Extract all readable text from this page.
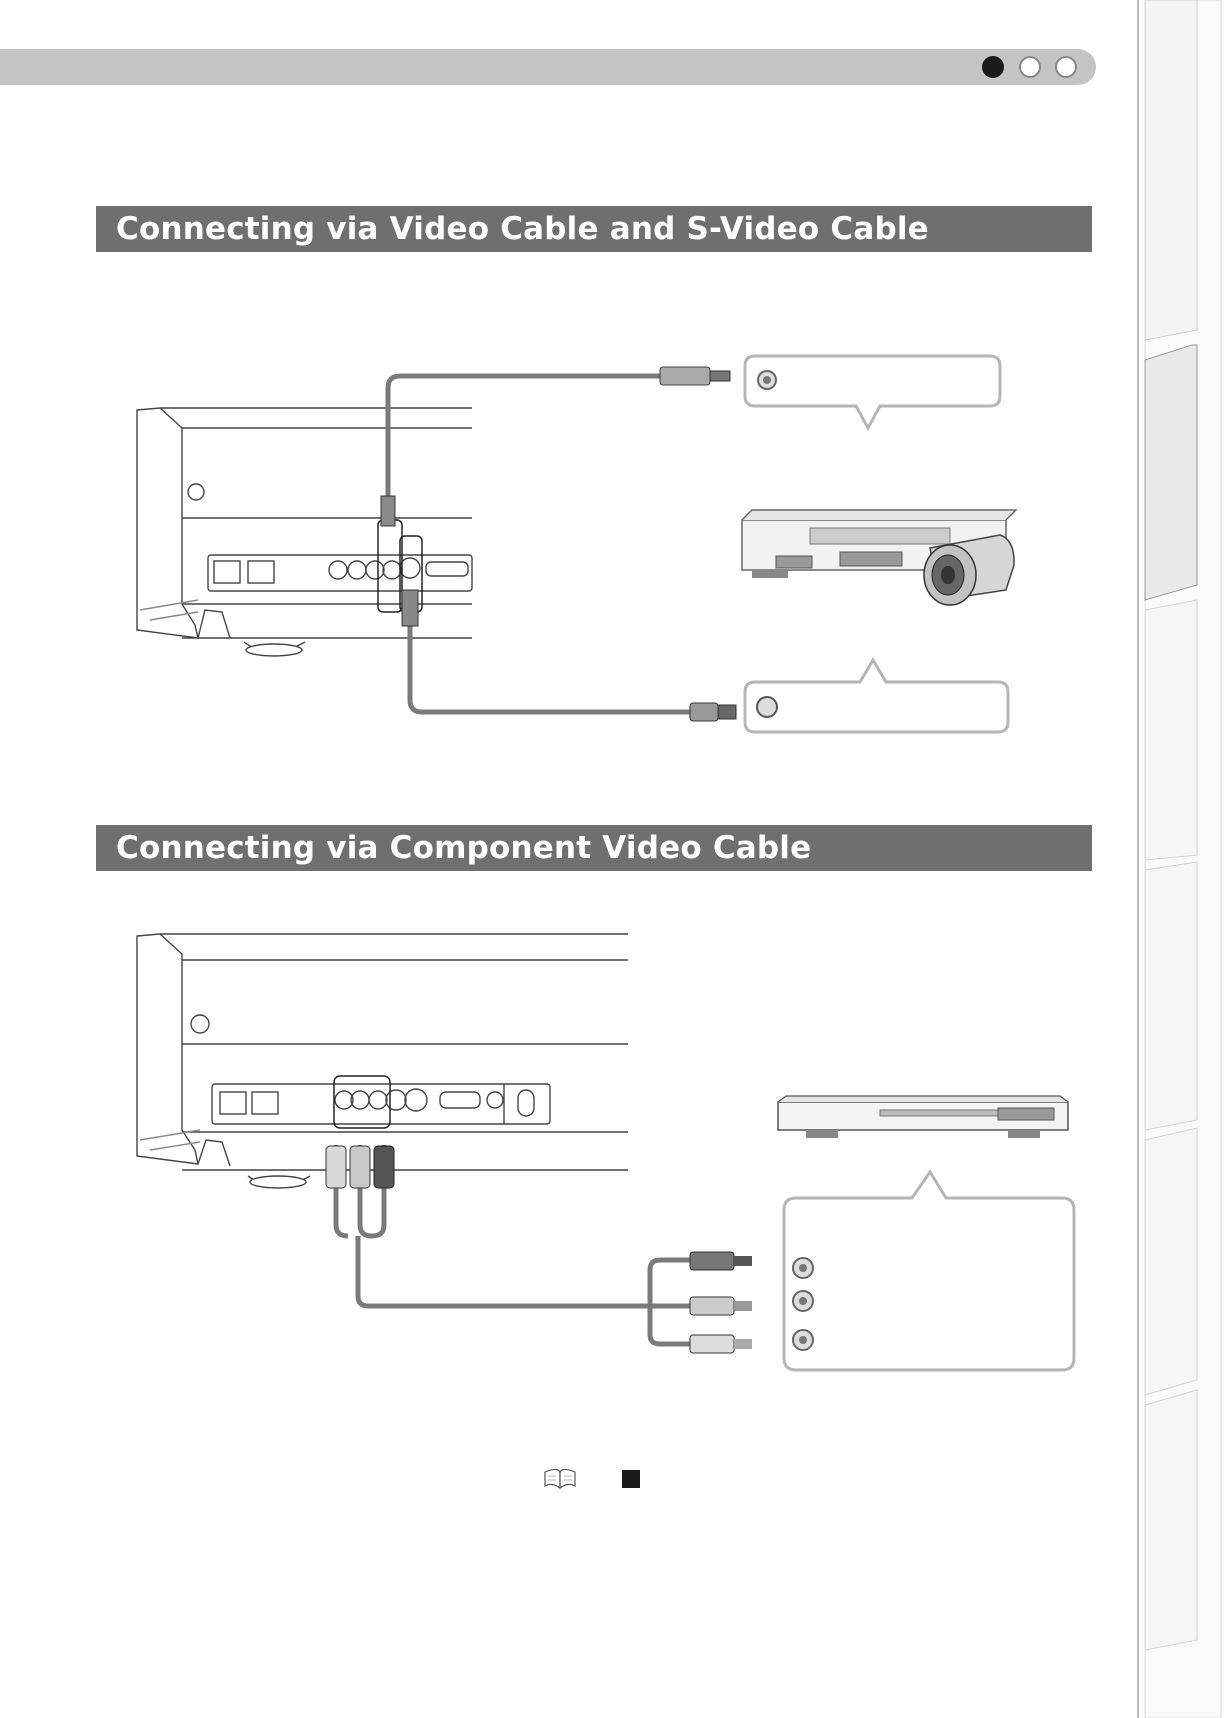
Connecting via Video Cable and S-Video Cable
Connecting via Component Video Cable
